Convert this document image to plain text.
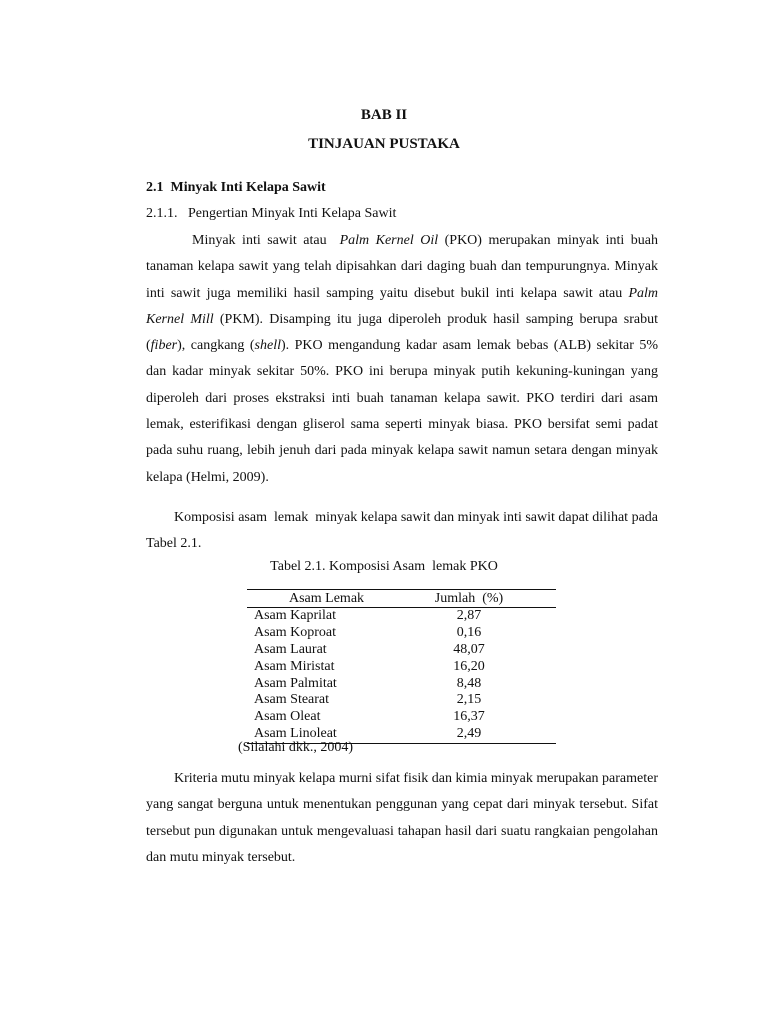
BAB II
TINJAUAN PUSTAKA
2.1  Minyak Inti Kelapa Sawit
2.1.1.   Pengertian Minyak Inti Kelapa Sawit

Minyak inti sawit atau  Palm Kernel Oil (PKO) merupakan minyak inti buah tanaman kelapa sawit yang telah dipisahkan dari daging buah dan tempurungnya. Minyak inti sawit juga memiliki hasil samping yaitu disebut bukil inti kelapa sawit atau Palm Kernel Mill (PKM). Disamping itu juga diperoleh produk hasil samping berupa srabut (fiber), cangkang (shell). PKO mengandung kadar asam lemak bebas (ALB) sekitar 5% dan kadar minyak sekitar 50%. PKO ini berupa minyak putih kekuning-kuningan yang diperoleh dari proses ekstraksi inti buah tanaman kelapa sawit. PKO terdiri dari asam lemak, esterifikasi dengan gliserol sama seperti minyak biasa. PKO bersifat semi padat pada suhu ruang, lebih jenuh dari pada minyak kelapa sawit namun setara dengan minyak kelapa (Helmi, 2009).

Komposisi asam  lemak  minyak kelapa sawit dan minyak inti sawit dapat dilihat pada Tabel 2.1.

Tabel 2.1. Komposisi Asam  lemak PKO

Asam Lemak	Jumlah  (%)
Asam Kaprilat	2,87
Asam Koproat	0,16
Asam Laurat	48,07
Asam Miristat	16,20
Asam Palmitat	8,48
Asam Stearat	2,15
Asam Oleat	16,37
Asam Linoleat	2,49

(Silalahi dkk., 2004)

Kriteria mutu minyak kelapa murni sifat fisik dan kimia minyak merupakan parameter yang sangat berguna untuk menentukan penggunan yang cepat dari minyak tersebut. Sifat tersebut pun digunakan untuk mengevaluasi tahapan hasil dari suatu rangkaian pengolahan dan mutu minyak tersebut.
